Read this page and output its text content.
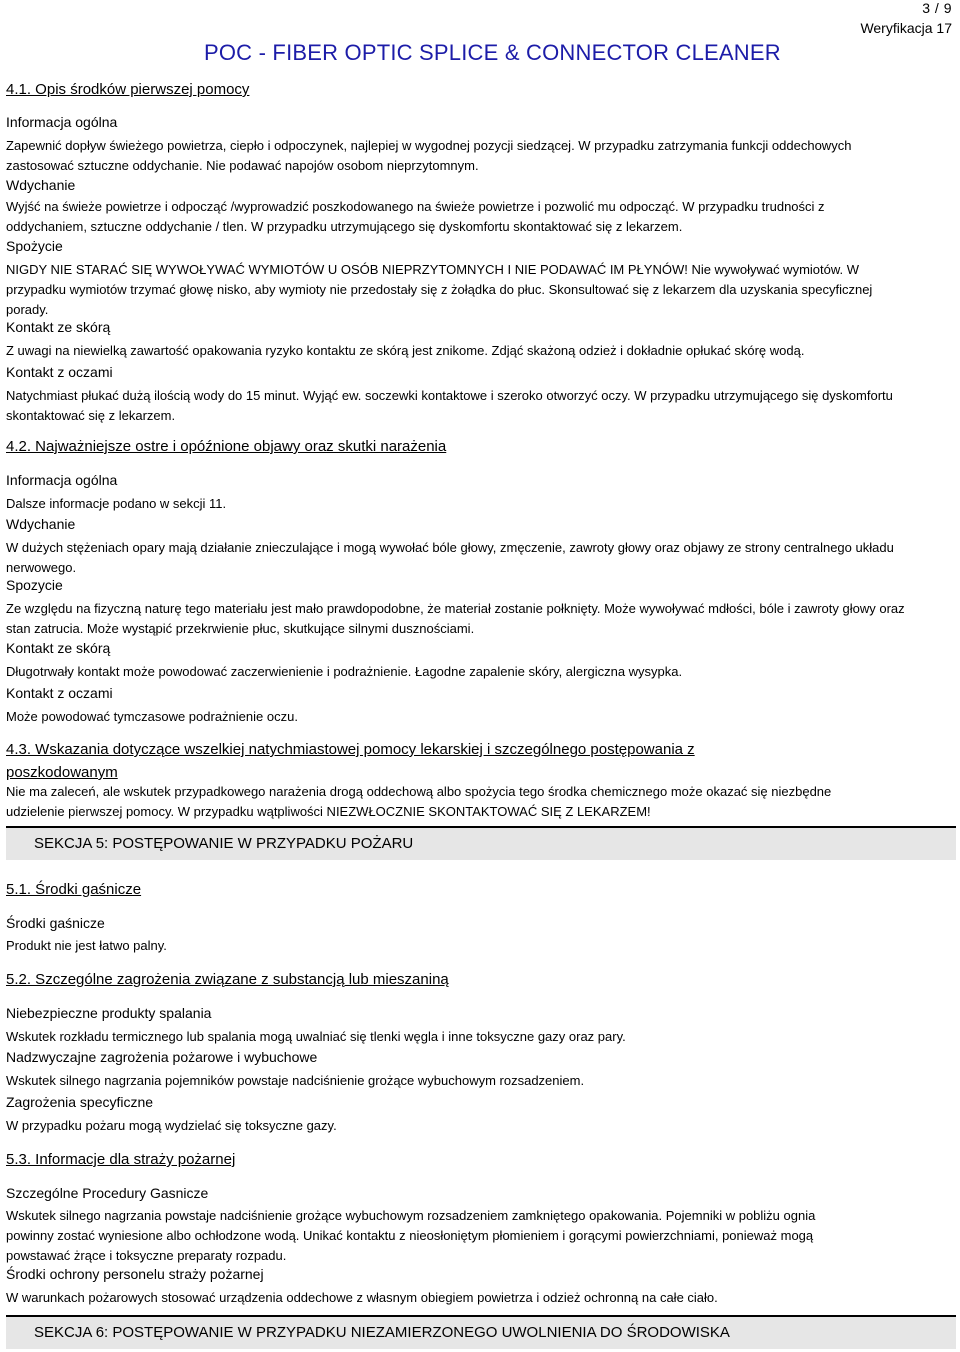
3 / 9
Weryfikacja 17
POC - FIBER OPTIC SPLICE & CONNECTOR CLEANER
4.1. Opis środków pierwszej pomocy
Informacja ogólna
Zapewnić dopływ świeżego powietrza, ciepło i odpoczynek, najlepiej w wygodnej pozycji siedzącej. W przypadku zatrzymania funkcji oddechowych zastosować sztuczne oddychanie. Nie podawać napojów osobom nieprzytomnym.
Wdychanie
Wyjść na świeże powietrze i odpocząć /wyprowadzić poszkodowanego na świeże powietrze i pozwolić mu odpocząć. W przypadku trudności z oddychaniem, sztuczne oddychanie / tlen. W przypadku utrzymującego się dyskomfortu skontaktować się z lekarzem.
Spożycie
NIGDY NIE STARAĆ SIĘ WYWOŁYWAĆ WYMIOTÓW U OSÓB NIEPRZYTOMNYCH I NIE PODAWAĆ IM PŁYNÓW! Nie wywoływać wymiotów. W przypadku wymiotów trzymać głowę nisko, aby wymioty nie przedostały się z żołądka do płuc. Skonsultować się z lekarzem dla uzyskania specyficznej porady.
Kontakt ze skórą
Z uwagi na niewielką zawartość opakowania ryzyko kontaktu ze skórą jest znikome. Zdjąć skażoną odzież i dokładnie opłukać skórę wodą.
Kontakt z oczami
Natychmiast płukać dużą ilością wody do 15 minut. Wyjąć ew. soczewki kontaktowe i szeroko otworzyć oczy. W przypadku utrzymującego się dyskomfortu skontaktować się z lekarzem.
4.2. Najważniejsze ostre i opóźnione objawy oraz skutki narażenia
Informacja ogólna
Dalsze informacje podano w sekcji 11.
Wdychanie
W dużych stężeniach opary mają działanie znieczulające i mogą wywołać bóle głowy, zmęczenie, zawroty głowy oraz objawy ze strony centralnego układu nerwowego.
Spozycie
Ze względu na fizyczną naturę tego materiału jest mało prawdopodobne, że materiał zostanie połknięty. Może wywoływać mdłości, bóle i zawroty głowy oraz stan zatrucia. Może wystąpić przekrwienie płuc, skutkujące silnymi dusznościami.
Kontakt ze skórą
Długotrwały kontakt może powodować zaczerwienienie i podrażnienie. Łagodne zapalenie skóry, alergiczna wysypka.
Kontakt z oczami
Może powodować tymczasowe podrażnienie oczu.
4.3. Wskazania dotyczące wszelkiej natychmiastowej pomocy lekarskiej i szczególnego postępowania z
poszkodowanym
Nie ma zaleceń, ale wskutek przypadkowego narażenia drogą oddechową albo spożycia tego środka chemicznego może okazać się niezbędne udzielenie pierwszej pomocy. W przypadku wątpliwości NIEZWŁOCZNIE SKONTAKTOWAĆ SIĘ Z LEKARZEM!
SEKCJA 5: POSTĘPOWANIE W PRZYPADKU POŻARU
5.1. Środki gaśnicze
Środki gaśnicze
Produkt nie jest łatwo palny.
5.2. Szczególne zagrożenia związane z substancją lub mieszaniną
Niebezpieczne produkty spalania
Wskutek rozkładu termicznego lub spalania mogą uwalniać się tlenki węgla i inne toksyczne gazy oraz pary.
Nadzwyczajne zagrożenia pożarowe i wybuchowe
Wskutek silnego nagrzania pojemników powstaje nadciśnienie grożące wybuchowym rozsadzeniem.
Zagrożenia specyficzne
W przypadku pożaru mogą wydzielać się toksyczne gazy.
5.3. Informacje dla straży pożarnej
Szczególne Procedury Gasnicze
Wskutek silnego nagrzania powstaje nadciśnienie grożące wybuchowym rozsadzeniem zamkniętego opakowania. Pojemniki w pobliżu ognia powinny zostać wyniesione albo ochłodzone wodą. Unikać kontaktu z nieosłoniętym płomieniem i gorącymi powierzchniami, ponieważ mogą powstawać żrące i toksyczne preparaty rozpadu.
Środki ochrony personelu straży pożarnej
W warunkach pożarowych stosować urządzenia oddechowe z własnym obiegiem powietrza i odzież ochronną na całe ciało.
SEKCJA 6: POSTĘPOWANIE W PRZYPADKU NIEZAMIERZONEGO UWOLNIENIA DO ŚRODOWISKA
